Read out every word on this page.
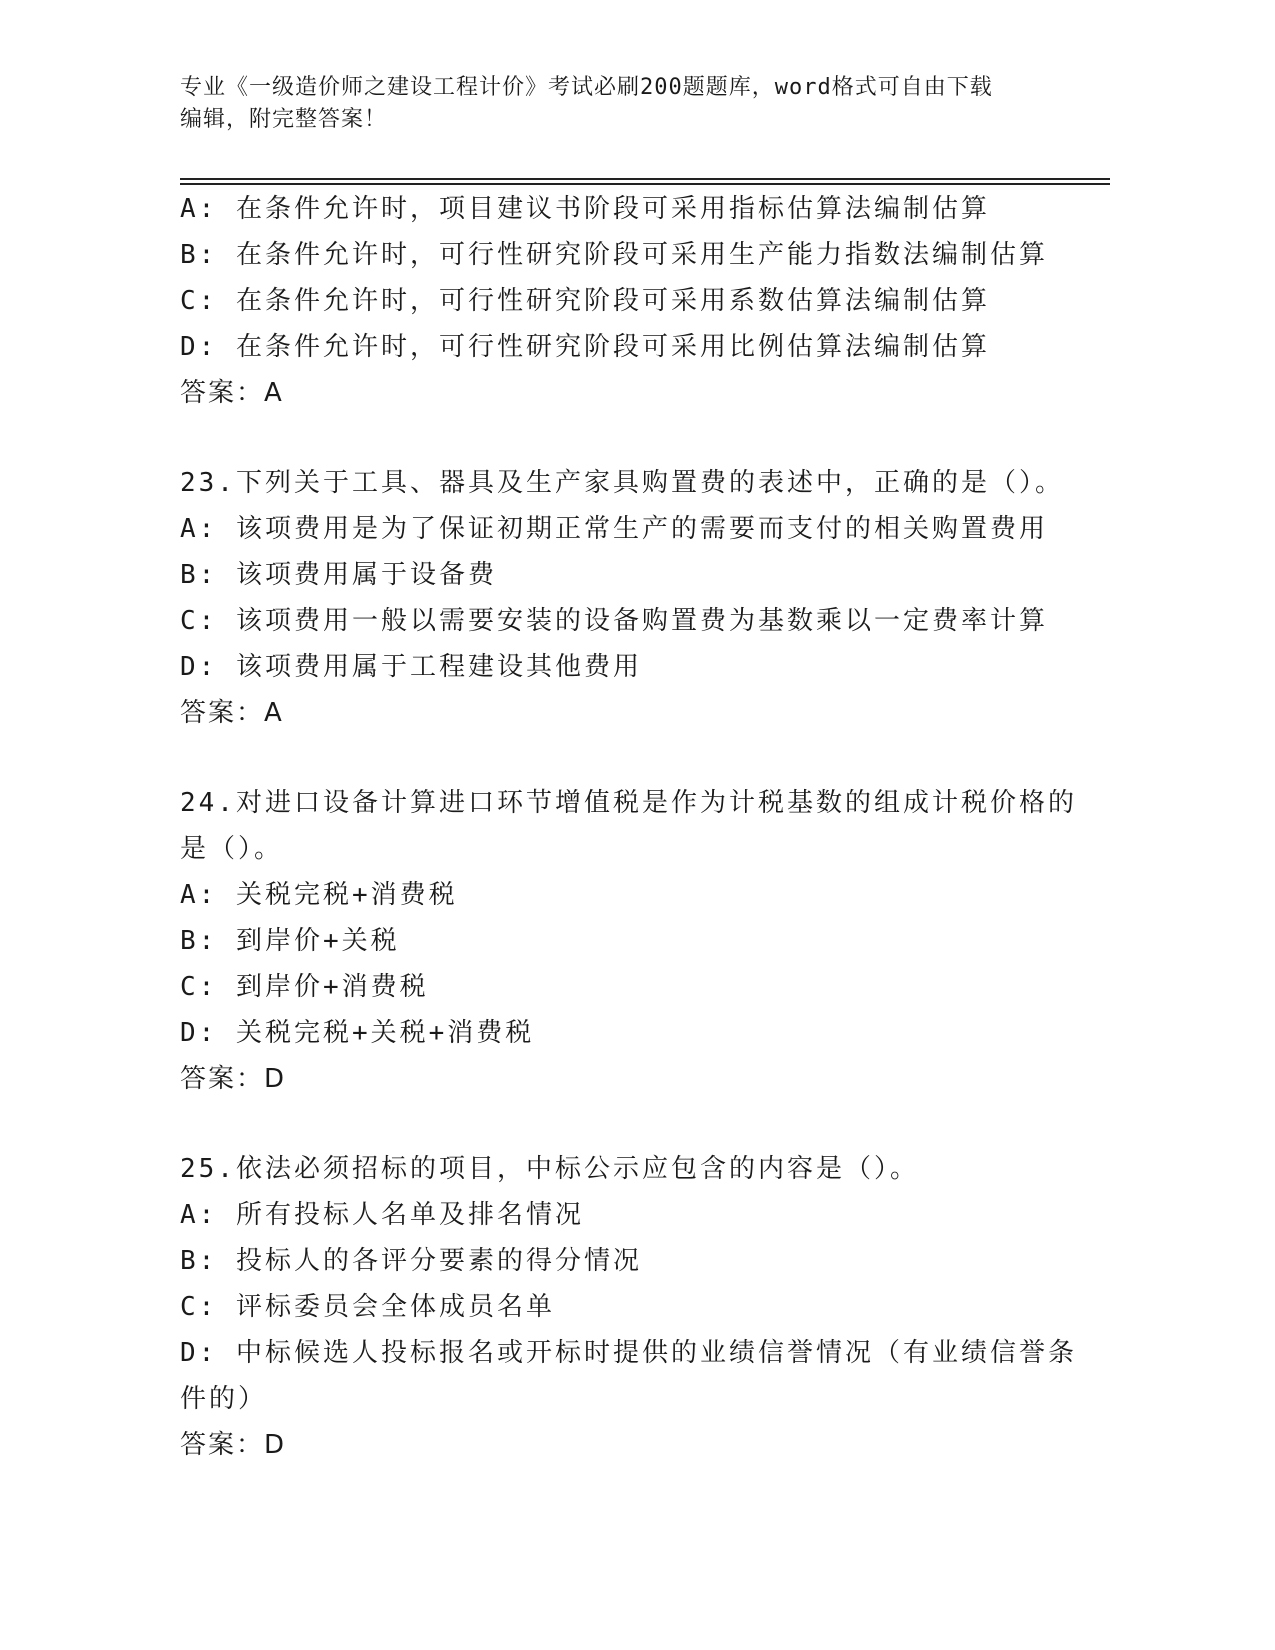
专业《一级造价师之建设工程计价》考试必刷200题题库，word格式可自由下载
编辑，附完整答案！
A: 在条件允许时，项目建议书阶段可采用指标估算法编制估算
B: 在条件允许时，可行性研究阶段可采用生产能力指数法编制估算
C: 在条件允许时，可行性研究阶段可采用系数估算法编制估算
D: 在条件允许时，可行性研究阶段可采用比例估算法编制估算
答案：A
23.下列关于工具、器具及生产家具购置费的表述中，正确的是（）。
A: 该项费用是为了保证初期正常生产的需要而支付的相关购置费用
B: 该项费用属于设备费
C: 该项费用一般以需要安装的设备购置费为基数乘以一定费率计算
D: 该项费用属于工程建设其他费用
答案：A
24.对进口设备计算进口环节增值税是作为计税基数的组成计税价格的
是（）。
A: 关税完税+消费税
B: 到岸价+关税
C: 到岸价+消费税
D: 关税完税+关税+消费税
答案：D
25.依法必须招标的项目，中标公示应包含的内容是（）。
A: 所有投标人名单及排名情况
B: 投标人的各评分要素的得分情况
C: 评标委员会全体成员名单
D: 中标候选人投标报名或开标时提供的业绩信誉情况（有业绩信誉条
件的）
答案：D
